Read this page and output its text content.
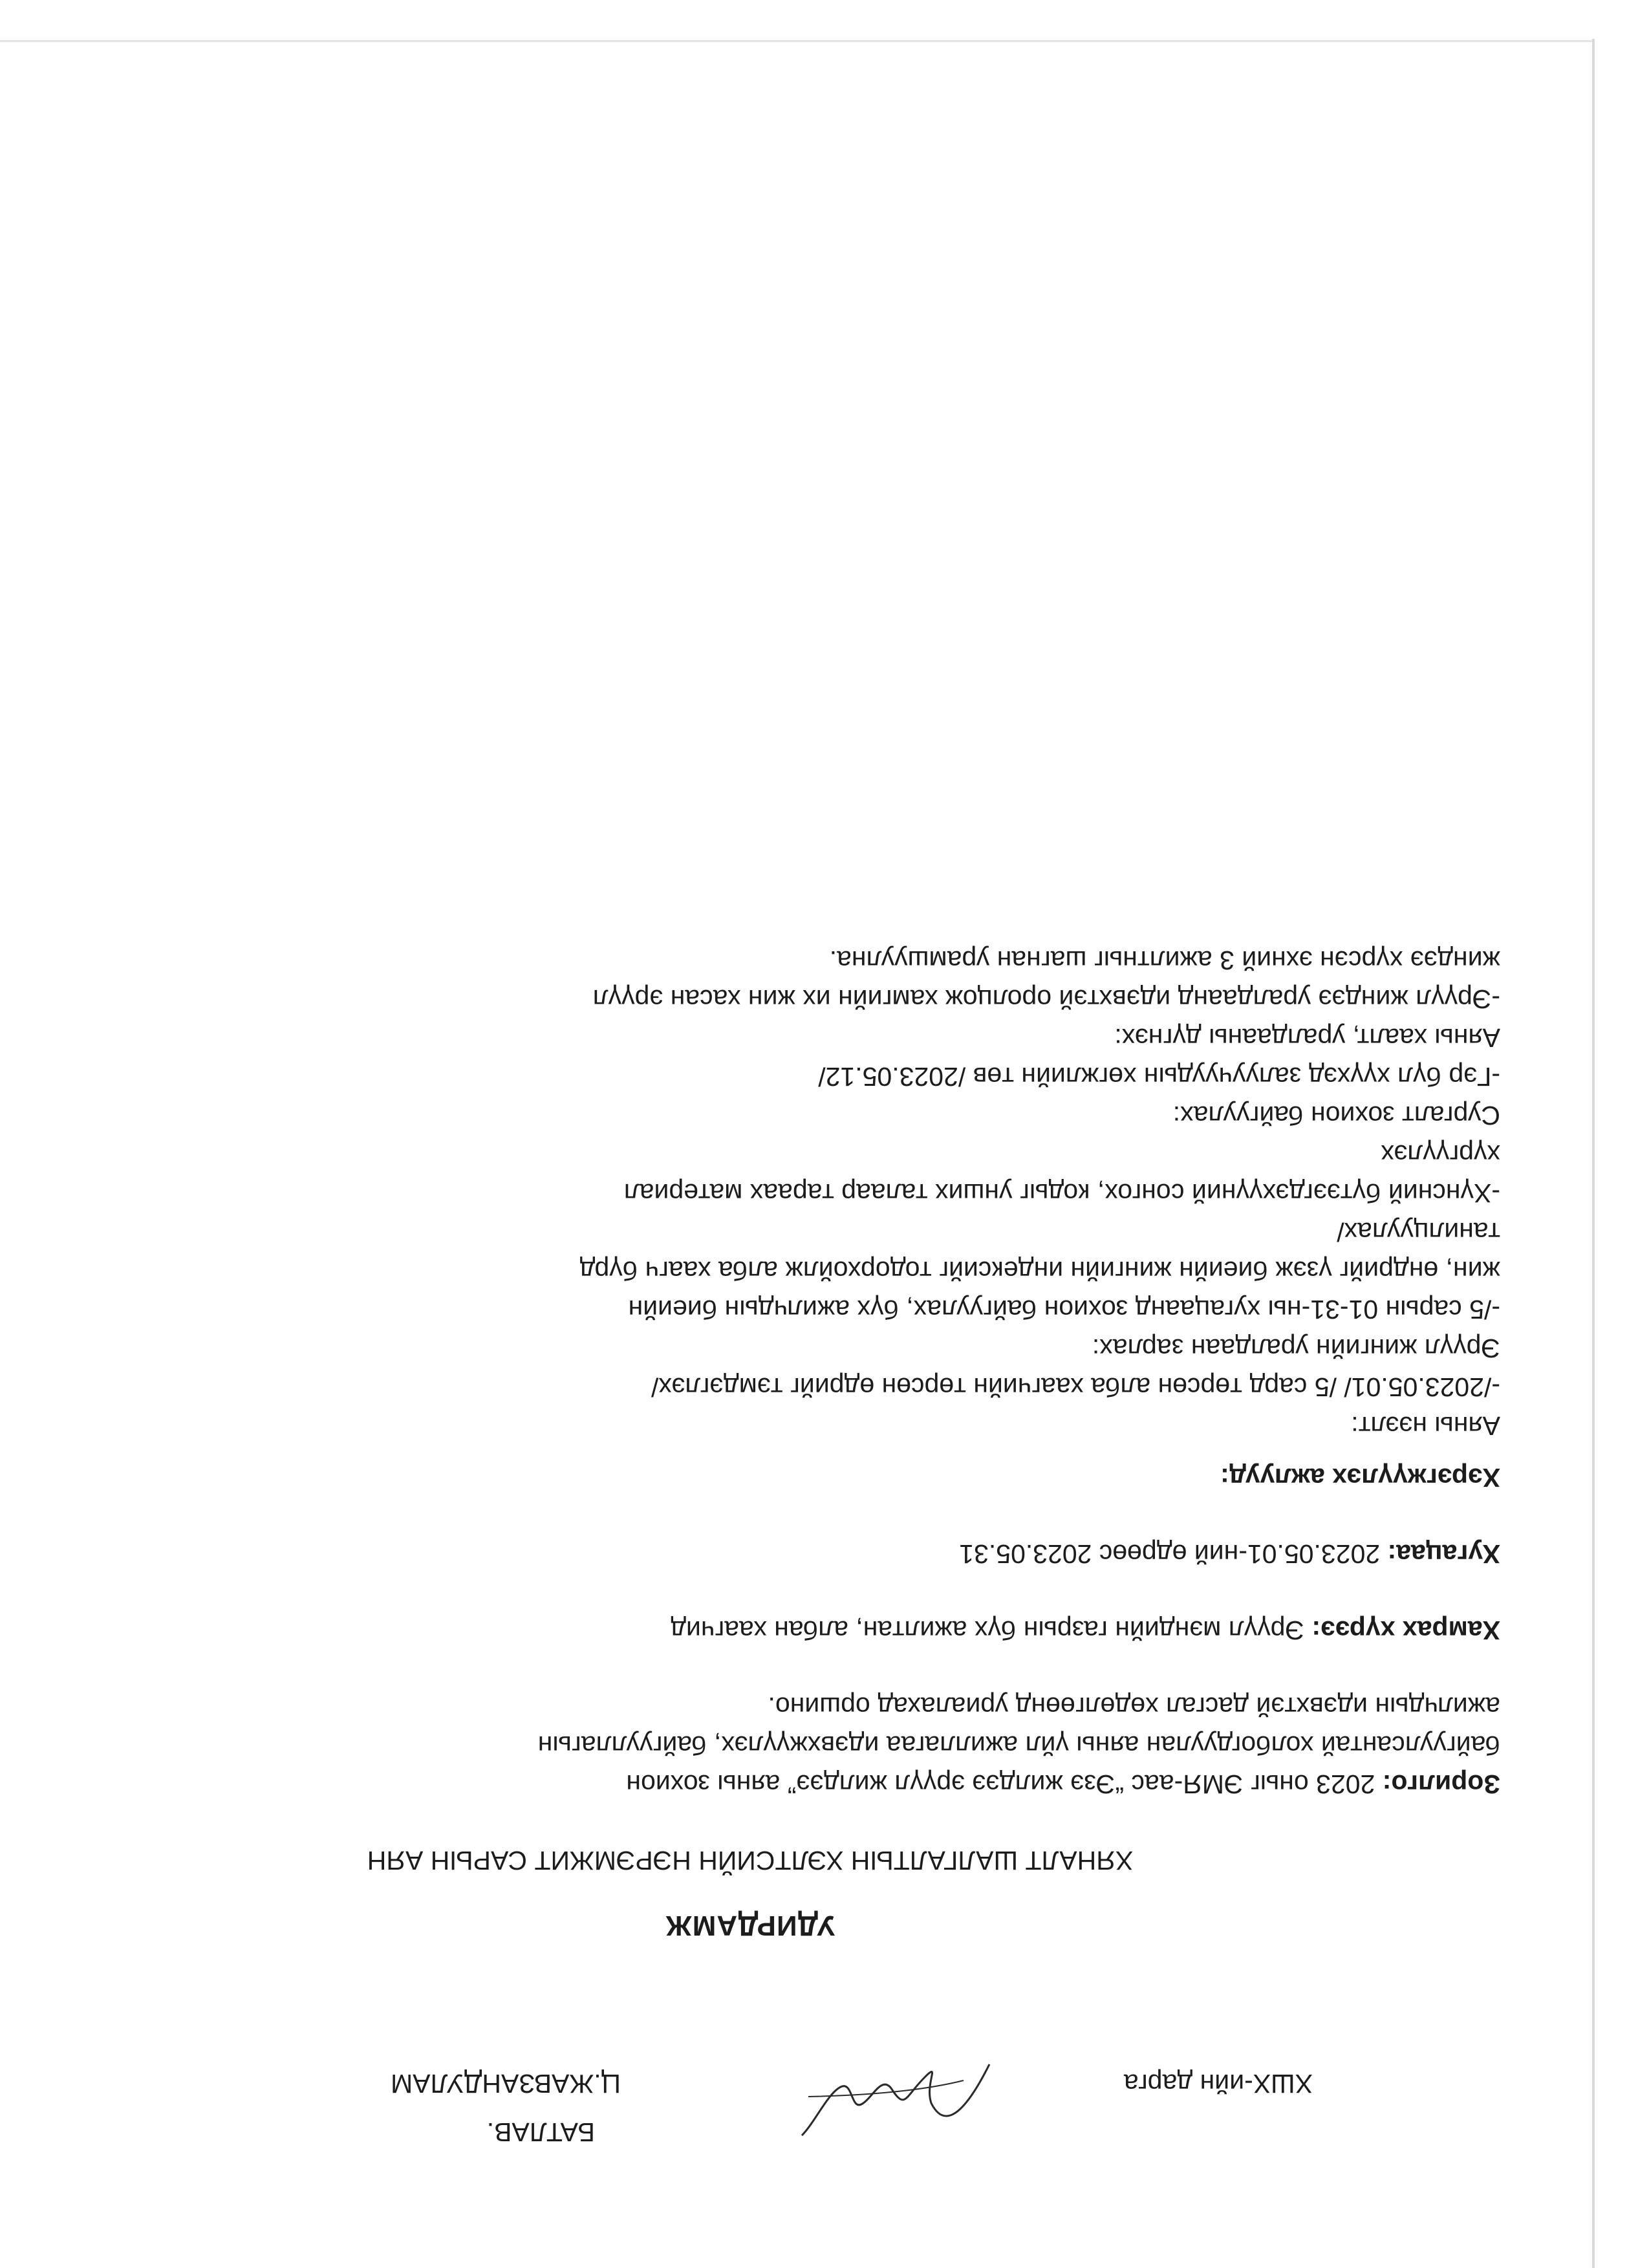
БАТЛАВ.
ХШХ-ийн дарга
Ц.ЖАВЗАНДУЛАМ
УДИРДАМЖ
ХЯНАЛТ ШАЛГАЛТЫН ХЭЛТСИЙН НЭРЭМЖИТ САРЫН АЯН

Зорилго: 2023 оныг ЭМЯ-аас “Эзэ жилдээ эрүүл жилдээ” аяны зохион

байгуулсантай холбогдуулан аяны үйл ажиллагаа идэвхжүүлэх, байгууллагын

ажилчдын идэвхтэй дасгал хөдөлгөөнд уриалахад оршино.

Хамрах хүрээ: Эрүүл мэндийн газрын бүх ажилтан, албан хаагчид

Хугацаа: 2023.05.01-ний өдрөөс 2023.05.31

Хэрэгжүүлэх ажлууд:

Аяны нээлт:

-/2023.05.01/ /5 сард төрсөн алба хаагчийн төрсөн өдрийг тэмдэглэх/

Эрүүл жингийн уралдаан зарлах:

-/5 сарын 01-31-ны хугацаанд зохион байгуулах, бүх ажилчдын биеийн

жин, өндрийг үзэж биеийн жингийн индексийг тодорхойлж алба хаагч бүрд

танилцуулах/

-Хүнсний бүтээгдэхүүний сонгох, кодыг унших талаар тараах материал

хүргүүлэх

Сургалт зохион байгуулах:

-Гэр бүл хүүхэд залуучуудын хөгжлийн төв /2023.05.12/

Аяны хаалт, уралдааны дүгнэх:

-Эрүүл жиндээ уралдаанд идэвхтэй оролцож хамгийн их жин хасан эрүүл

жиндээ хүрсэн эхний 3 ажилтныг шагнан урамшуулна.
